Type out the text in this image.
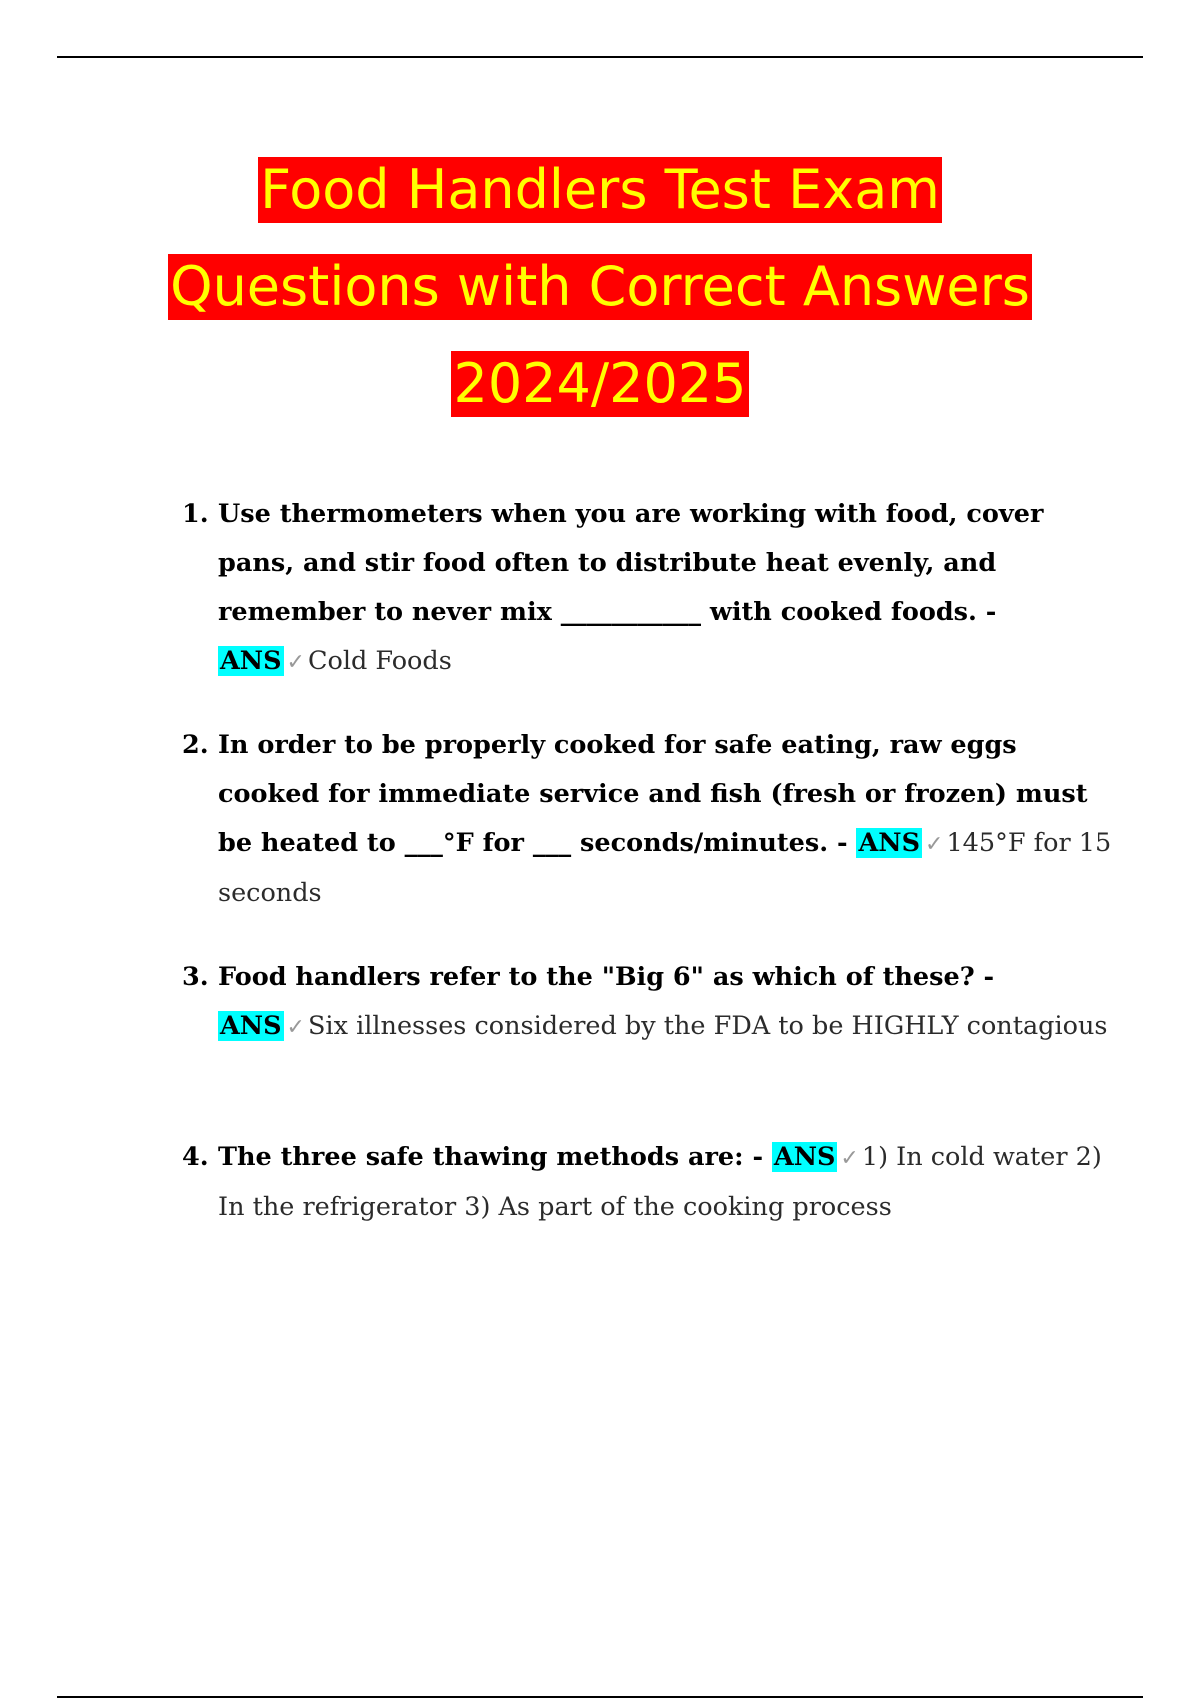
Food Handlers Test Exam
Questions with Correct Answers
2024/2025
1. Use thermometers when you are working with food, cover pans, and stir food often to distribute heat evenly, and remember to never mix ___________ with cooked foods. - ANS ✓ Cold Foods
2. In order to be properly cooked for safe eating, raw eggs cooked for immediate service and fish (fresh or frozen) must be heated to ___°F for ___ seconds/minutes. - ANS ✓ 145°F for 15 seconds
3. Food handlers refer to the "Big 6" as which of these? - ANS ✓ Six illnesses considered by the FDA to be HIGHLY contagious
4. The three safe thawing methods are: - ANS ✓ 1) In cold water 2) In the refrigerator 3) As part of the cooking process
